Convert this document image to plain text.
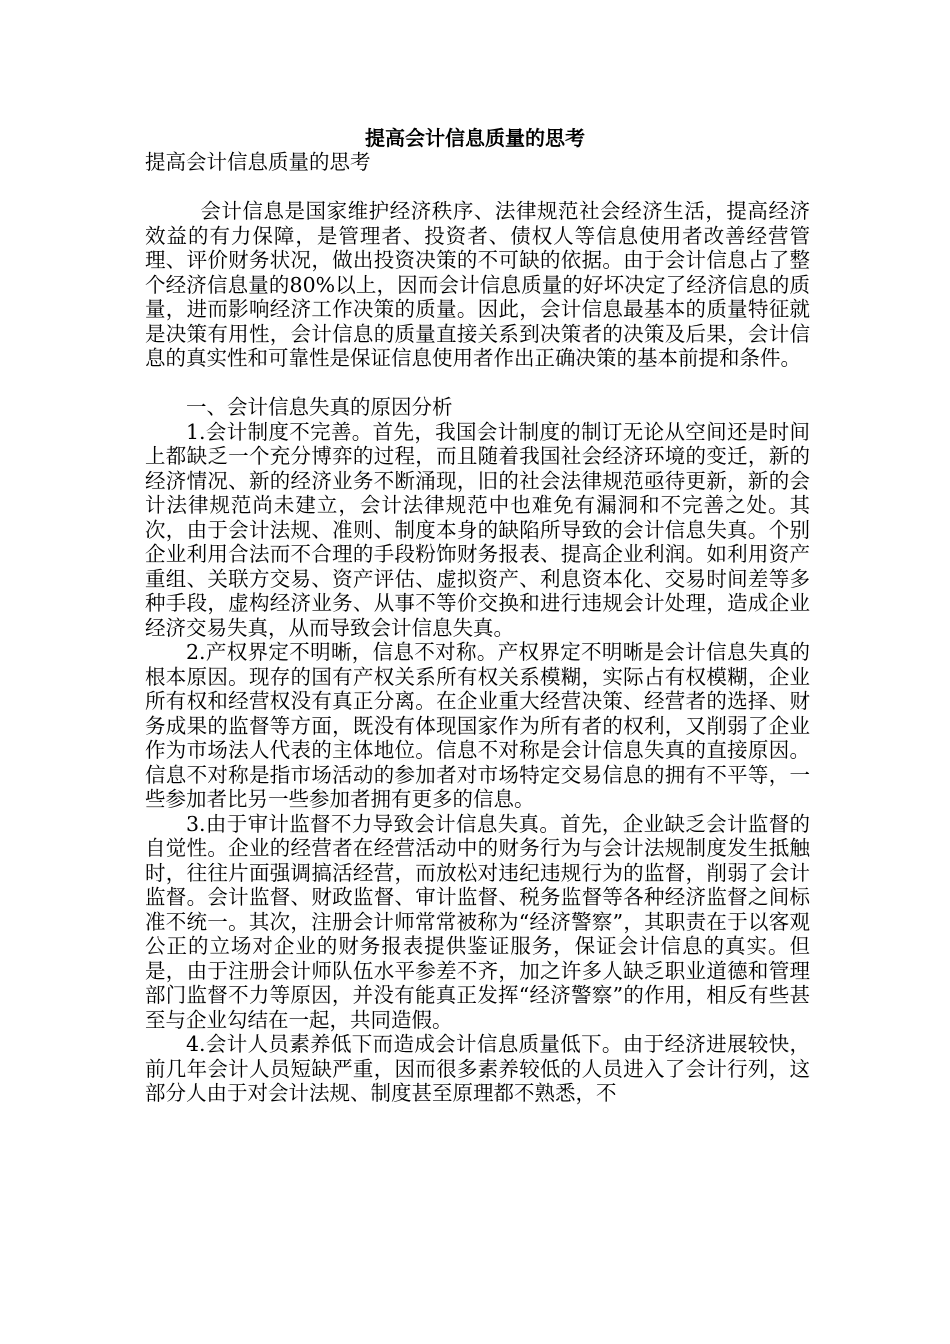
提高会计信息质量的思考

提高会计信息质量的思考

会计信息是国家维护经济秩序、法律规范社会经济生活，提高经济效益的有力保障，是管理者、投资者、债权人等信息使用者改善经营管理、评价财务状况，做出投资决策的不可缺的依据。由于会计信息占了整个经济信息量的80%以上，因而会计信息质量的好坏决定了经济信息的质量，进而影响经济工作决策的质量。因此，会计信息最基本的质量特征就是决策有用性，会计信息的质量直接关系到决策者的决策及后果，会计信息的真实性和可靠性是保证信息使用者作出正确决策的基本前提和条件。

一、会计信息失真的原因分析

1.会计制度不完善。首先，我国会计制度的制订无论从空间还是时间上都缺乏一个充分博弈的过程，而且随着我国社会经济环境的变迁，新的经济情况、新的经济业务不断涌现，旧的社会法律规范亟待更新，新的会计法律规范尚未建立，会计法律规范中也难免有漏洞和不完善之处。其次，由于会计法规、准则、制度本身的缺陷所导致的会计信息失真。个别企业利用合法而不合理的手段粉饰财务报表、提高企业利润。如利用资产重组、关联方交易、资产评估、虚拟资产、利息资本化、交易时间差等多种手段，虚构经济业务、从事不等价交换和进行违规会计处理，造成企业经济交易失真，从而导致会计信息失真。

2.产权界定不明晰，信息不对称。产权界定不明晰是会计信息失真的根本原因。现存的国有产权关系所有权关系模糊，实际占有权模糊，企业所有权和经营权没有真正分离。在企业重大经营决策、经营者的选择、财务成果的监督等方面，既没有体现国家作为所有者的权利，又削弱了企业作为市场法人代表的主体地位。信息不对称是会计信息失真的直接原因。信息不对称是指市场活动的参加者对市场特定交易信息的拥有不平等，一些参加者比另一些参加者拥有更多的信息。

3.由于审计监督不力导致会计信息失真。首先，企业缺乏会计监督的自觉性。企业的经营者在经营活动中的财务行为与会计法规制度发生抵触时，往往片面强调搞活经营，而放松对违纪违规行为的监督，削弱了会计监督。会计监督、财政监督、审计监督、税务监督等各种经济监督之间标准不统一。其次，注册会计师常常被称为“经济警察”，其职责在于以客观公正的立场对企业的财务报表提供鉴证服务，保证会计信息的真实。但是，由于注册会计师队伍水平参差不齐，加之许多人缺乏职业道德和管理部门监督不力等原因，并没有能真正发挥“经济警察”的作用，相反有些甚至与企业勾结在一起，共同造假。

4.会计人员素养低下而造成会计信息质量低下。由于经济进展较快，前几年会计人员短缺严重，因而很多素养较低的人员进入了会计行列，这部分人由于对会计法规、制度甚至原理都不熟悉，不
